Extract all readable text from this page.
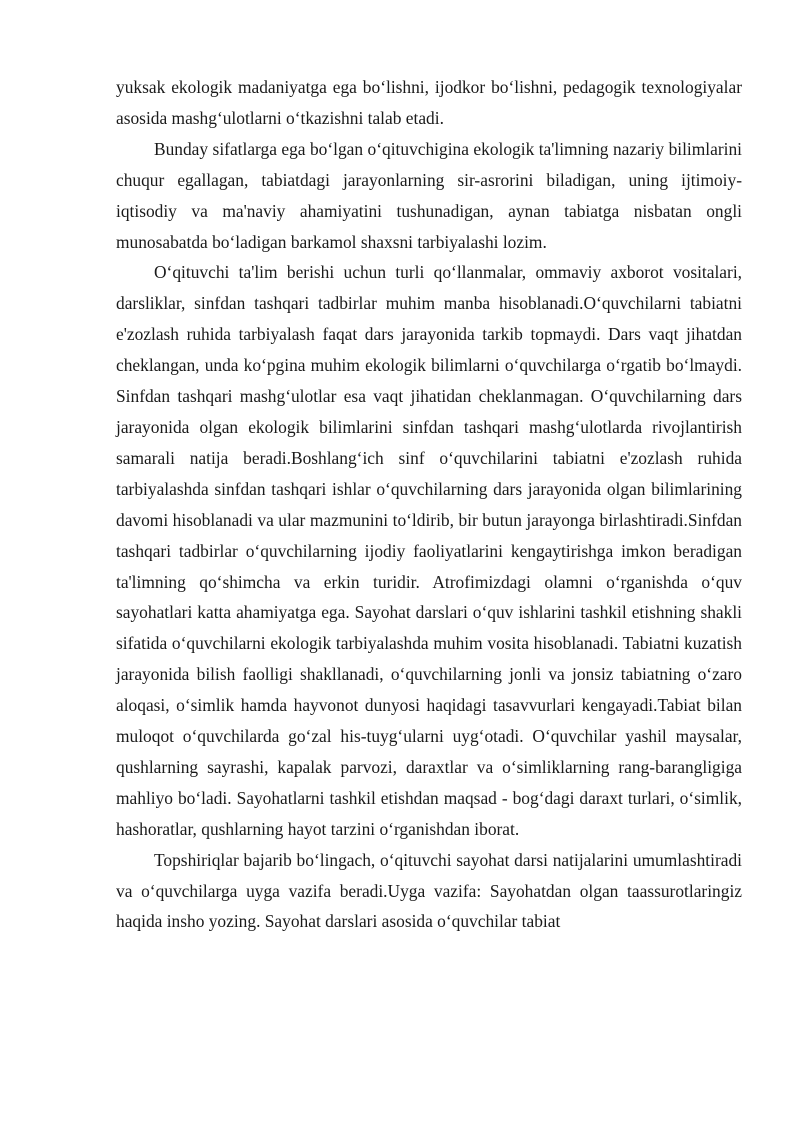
yuksak ekologik madaniyatga ega bo‘lishni, ijodkor bo‘lishni, pedagogik texnologiyalar asosida mashg‘ulotlarni o‘tkazishni talab etadi.

Bunday sifatlarga ega bo‘lgan o‘qituvchigina ekologik ta'limning nazariy bilimlarini chuqur egallagan, tabiatdagi jarayonlarning sir-asrorini biladigan, uning ijtimoiy-iqtisodiy va ma'naviy ahamiyatini tushunadigan, aynan tabiatga nisbatan ongli munosabatda bo‘ladigan barkamol shaxsni tarbiyalashi lozim.

O‘qituvchi ta'lim berishi uchun turli qo‘llanmalar, ommaviy axborot vositalari, darsliklar, sinfdan tashqari tadbirlar muhim manba hisoblanadi.O‘quvchilarni tabiatni e'zozlash ruhida tarbiyalash faqat dars jarayonida tarkib topmaydi. Dars vaqt jihatdan cheklangan, unda ko‘pgina muhim ekologik bilimlarni o‘quvchilarga o‘rgatib bo‘lmaydi. Sinfdan tashqari mashg‘ulotlar esa vaqt jihatidan cheklanmagan. O‘quvchilarning dars jarayonida olgan ekologik bilimlarini sinfdan tashqari mashg‘ulotlarda rivojlantirish samarali natija beradi.Boshlang‘ich sinf o‘quvchilarini tabiatni e'zozlash ruhida tarbiyalashda sinfdan tashqari ishlar o‘quvchilarning dars jarayonida olgan bilimlarining davomi hisoblanadi va ular mazmunini to‘ldirib, bir butun jarayonga birlashtiradi.Sinfdan tashqari tadbirlar o‘quvchilarning ijodiy faoliyatlarini kengaytirishga imkon beradigan ta'limning qo‘shimcha va erkin turidir. Atrofimizdagi olamni o‘rganishda o‘quv sayohatlari katta ahamiyatga ega. Sayohat darslari o‘quv ishlarini tashkil etishning shakli sifatida o‘quvchilarni ekologik tarbiyalashda muhim vosita hisoblanadi. Tabiatni kuzatish jarayonida bilish faolligi shakllanadi, o‘quvchilarning jonli va jonsiz tabiatning o‘zaro aloqasi, o‘simlik hamda hayvonot dunyosi haqidagi tasavvurlari kengayadi.Tabiat bilan muloqot o‘quvchilarda go‘zal his-tuyg‘ularni uyg‘otadi. O‘quvchilar yashil maysalar, qushlarning sayrashi, kapalak parvozi, daraxtlar va o‘simliklarning rang-barangligiga mahliyo bo‘ladi. Sayohatlarni tashkil etishdan maqsad - bog‘dagi daraxt turlari, o‘simlik, hashoratlar, qushlarning hayot tarzini o‘rganishdan iborat.

Topshiriqlar bajarib bo‘lingach, o‘qituvchi sayohat darsi natijalarini umumlashtiradi va o‘quvchilarga uyga vazifa beradi.Uyga vazifa: Sayohatdan olgan taassurotlaringiz haqida insho yozing. Sayohat darslari asosida o‘quvchilar tabiat
